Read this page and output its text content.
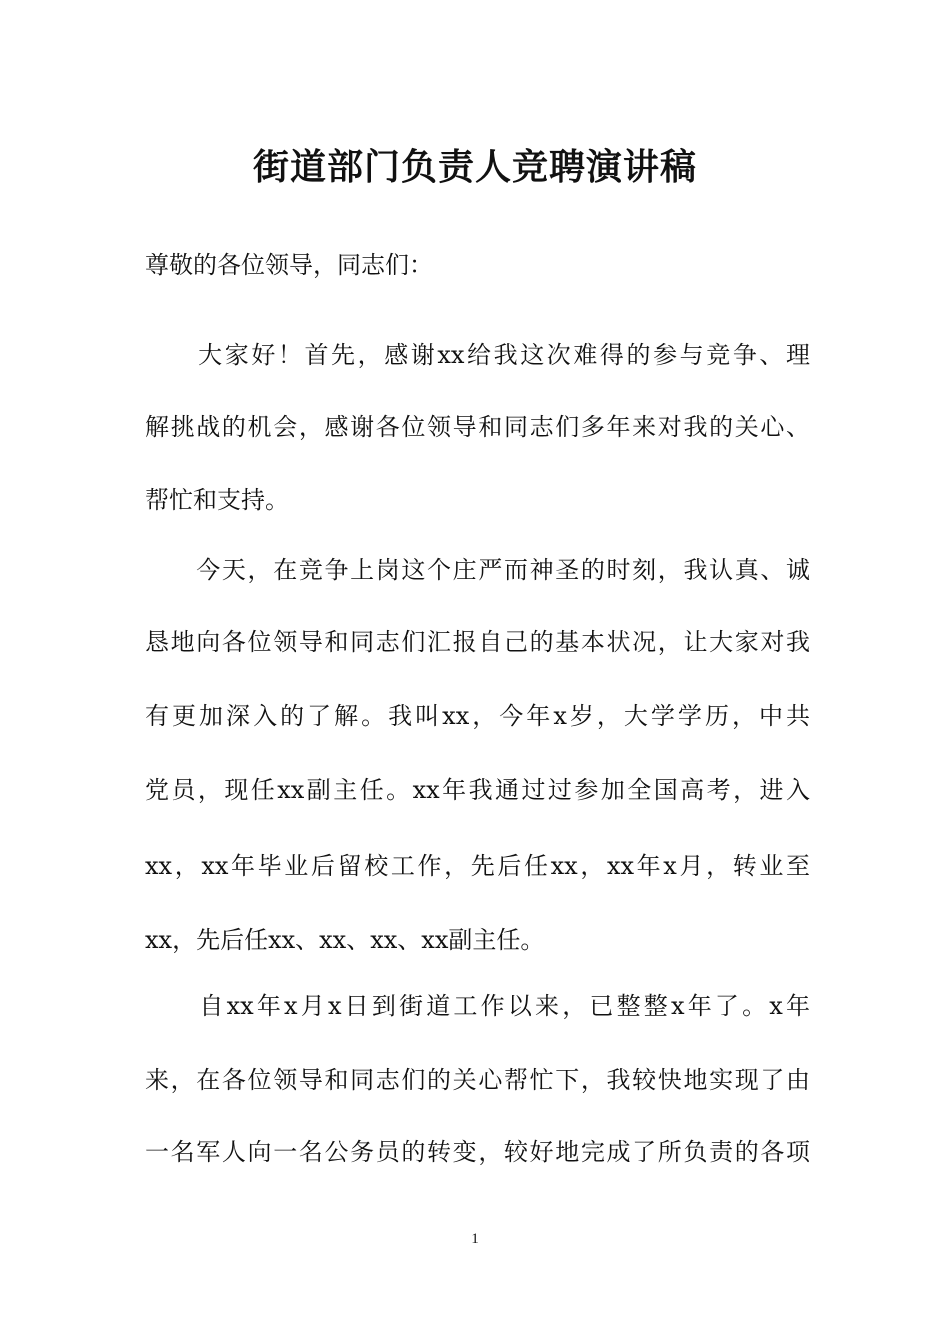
街道部门负责人竞聘演讲稿
尊敬的各位领导，同志们：
　　大家好！首先，感谢xx给我这次难得的参与竞争、理
解挑战的机会，感谢各位领导和同志们多年来对我的关心、
帮忙和支持。
　　今天，在竞争上岗这个庄严而神圣的时刻，我认真、诚
恳地向各位领导和同志们汇报自己的基本状况，让大家对我
有更加深入的了解。我叫xx，今年x岁，大学学历，中共
党员，现任xx副主任。xx年我通过过参加全国高考，进入
xx，xx年毕业后留校工作，先后任xx，xx年x月，转业至
xx，先后任xx、xx、xx、xx副主任。
　　自xx年x月x日到街道工作以来，已整整x年了。x年
来，在各位领导和同志们的关心帮忙下，我较快地实现了由
一名军人向一名公务员的转变，较好地完成了所负责的各项
1
